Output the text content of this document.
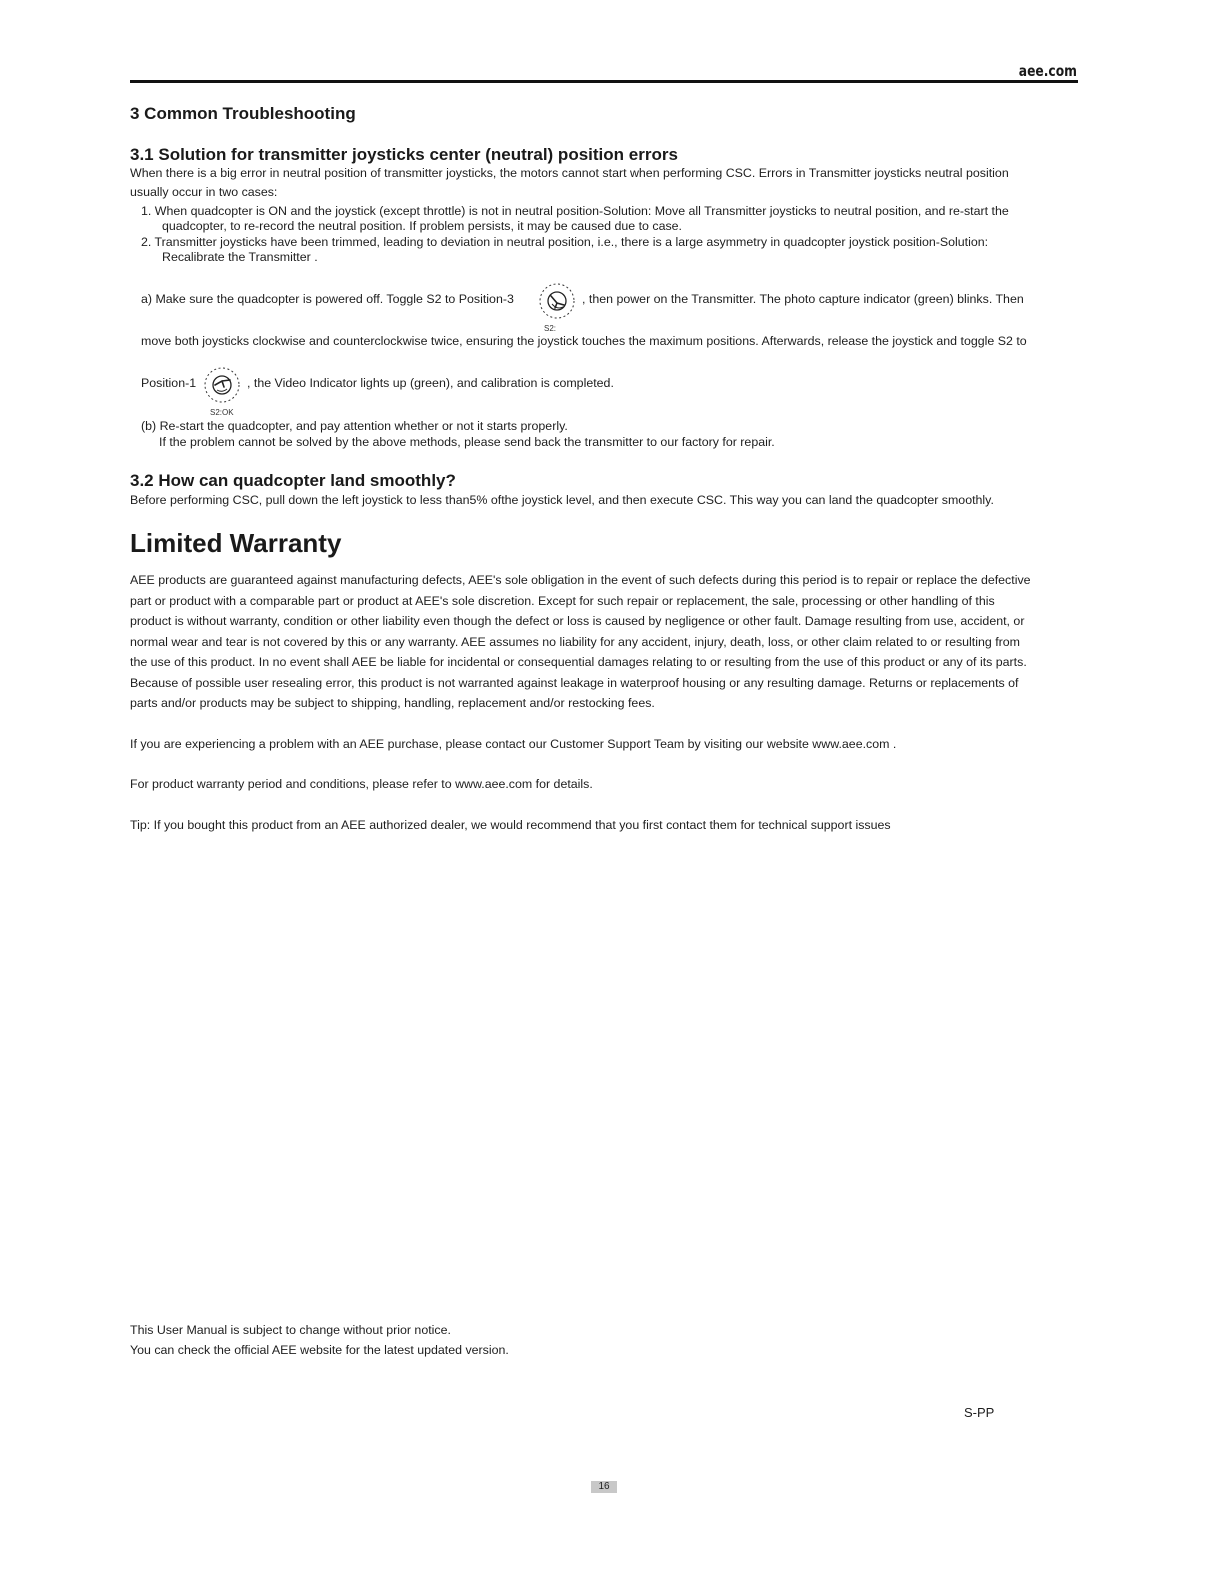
aee.com
3 Common Troubleshooting
3.1 Solution for transmitter joysticks center (neutral) position errors
When there is a big error in neutral position of transmitter joysticks, the motors cannot start when performing CSC. Errors in Transmitter joysticks neutral position
usually occur in two cases:
1. When quadcopter is ON and the joystick (except throttle) is not in neutral position-Solution: Move all Transmitter joysticks to neutral position, and re-start the
quadcopter, to re-record the neutral position. If problem persists, it may be caused due to case.
2. Transmitter joysticks have been trimmed, leading to deviation in neutral position, i.e., there is a large asymmetry in quadcopter joystick position-Solution:
Recalibrate the Transmitter .
a) Make sure the quadcopter is powered off. Toggle S2 to Position-3
S2:
, then power on the Transmitter. The photo capture indicator (green) blinks. Then
move both joysticks clockwise and counterclockwise twice, ensuring the joystick touches the maximum positions. Afterwards, release the joystick and toggle S2 to
Position-1
S2:OK
, the Video Indicator lights up (green), and calibration is completed.
(b) Re-start the quadcopter, and pay attention whether or not it starts properly.
If the problem cannot be solved by the above methods, please send back the transmitter to our factory for repair.
3.2 How can quadcopter land smoothly?
Before performing CSC, pull down the left joystick to less than5% ofthe joystick level, and then execute CSC. This way you can land the quadcopter smoothly.
Limited Warranty
AEE products are guaranteed against manufacturing defects, AEE's sole obligation in the event of such defects during this period is to repair or replace the defective
part or product with a comparable part or product at AEE's sole discretion. Except for such repair or replacement, the sale, processing or other handling of this
product is without warranty, condition or other liability even though the defect or loss is caused by negligence or other fault. Damage resulting from use, accident, or
normal wear and tear is not covered by this or any warranty. AEE assumes no liability for any accident, injury, death, loss, or other claim related to or resulting from
the use of this product. In no event shall AEE be liable for incidental or consequential damages relating to or resulting from the use of this product or any of its parts.
Because of possible user resealing error, this product is not warranted against leakage in waterproof housing or any resulting damage. Returns or replacements of
parts and/or products may be subject to shipping, handling, replacement and/or restocking fees.
If you are experiencing a problem with an AEE purchase, please contact our Customer Support Team by visiting our website www.aee.com .
For product warranty period and conditions, please refer to www.aee.com for details.
Tip: If you bought this product from an AEE authorized dealer, we would recommend that you first contact them for technical support issues
This User Manual is subject to change without prior notice.
You can check the official AEE website for the latest updated version.
S-PP
16
